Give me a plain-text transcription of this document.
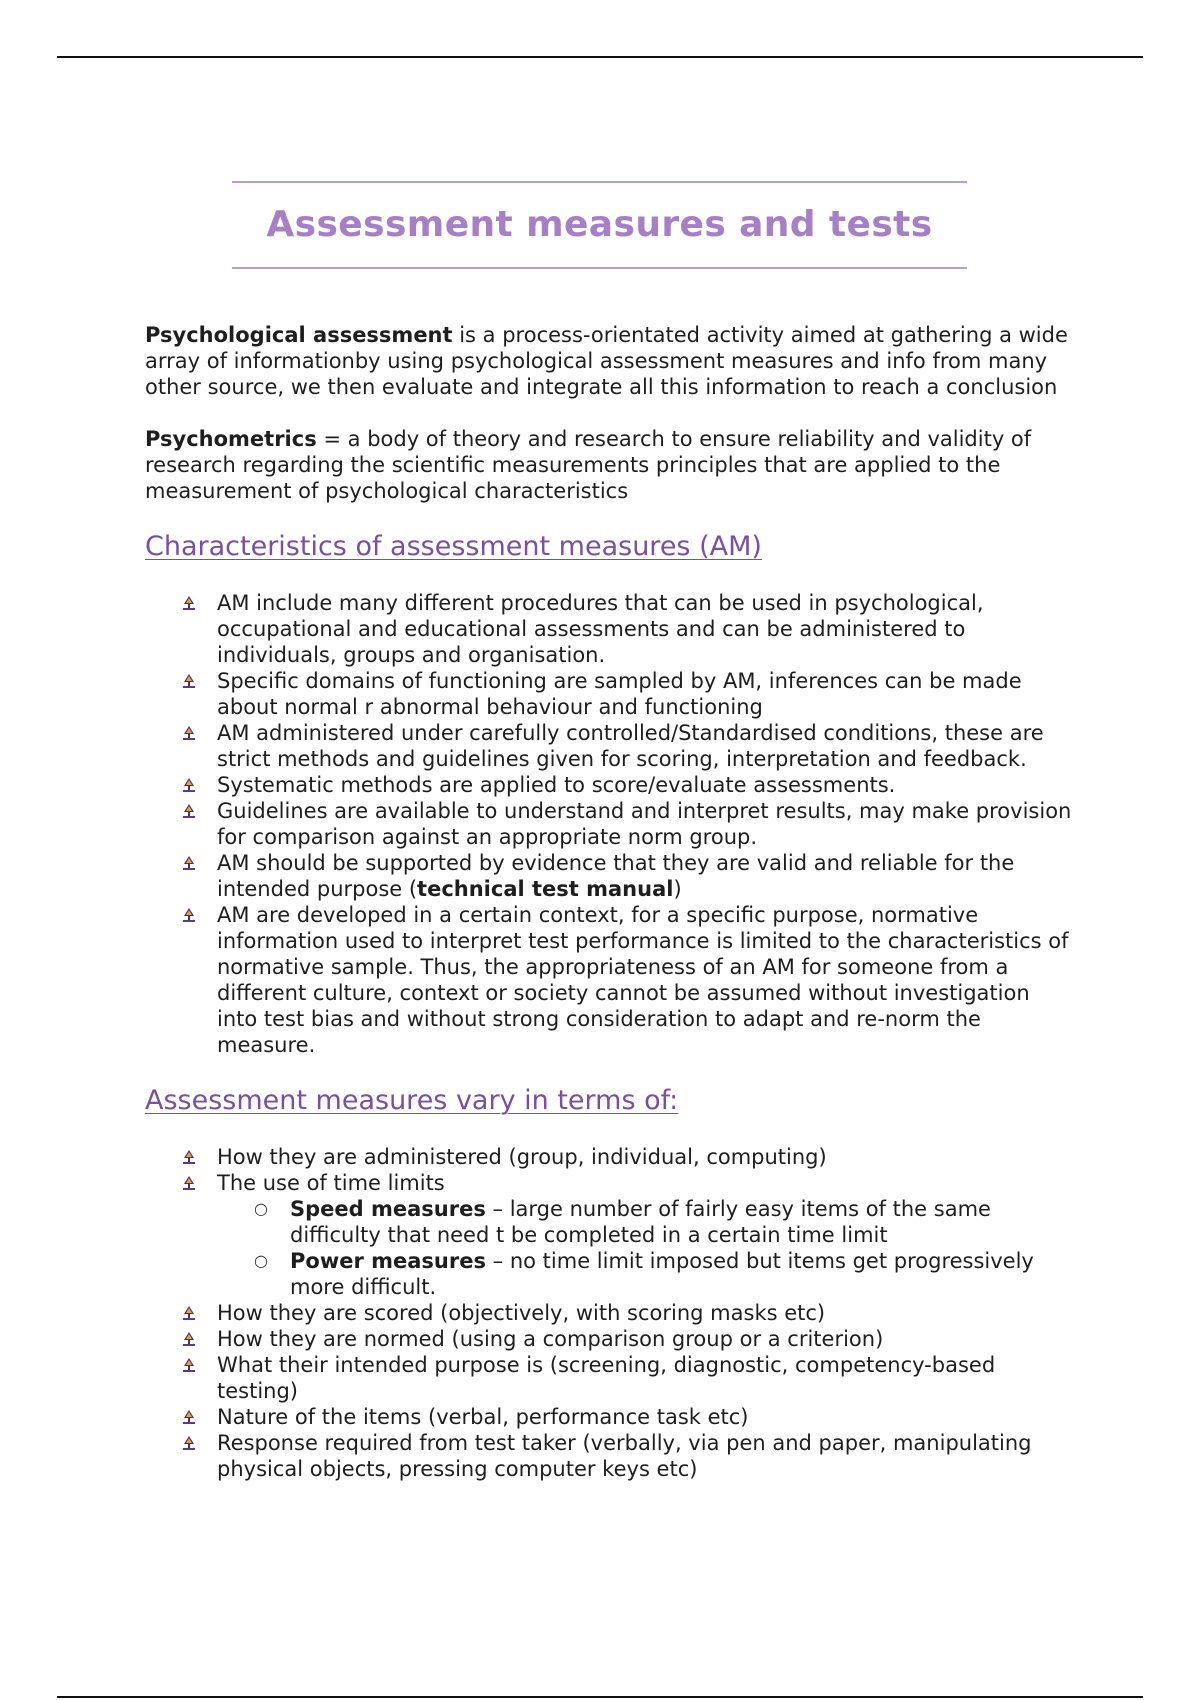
Assessment measures and tests

Psychological assessment is a process-orientated activity aimed at gathering a wide array of informationby using psychological assessment measures and info from many other source, we then evaluate and integrate all this information to reach a conclusion

Psychometrics = a body of theory and research to ensure reliability and validity of research regarding the scientific measurements principles that are applied to the measurement of psychological characteristics

Characteristics of assessment measures (AM)
AM include many different procedures that can be used in psychological, occupational and educational assessments and can be administered to individuals, groups and organisation.
Specific domains of functioning are sampled by AM, inferences can be made about normal r abnormal behaviour and functioning
AM administered under carefully controlled/Standardised conditions, these are strict methods and guidelines given for scoring, interpretation and feedback.
Systematic methods are applied to score/evaluate assessments.
Guidelines are available to understand and interpret results, may make provision for comparison against an appropriate norm group.
AM should be supported by evidence that they are valid and reliable for the intended purpose (technical test manual)
AM are developed in a certain context, for a specific purpose, normative information used to interpret test performance is limited to the characteristics of normative sample. Thus, the appropriateness of an AM for someone from a different culture, context or society cannot be assumed without investigation into test bias and without strong consideration to adapt and re-norm the measure.
Assessment measures vary in terms of:
How they are administered (group, individual, computing)
The use of time limits
○ Speed measures – large number of fairly easy items of the same difficulty that need t be completed in a certain time limit
○ Power measures – no time limit imposed but items get progressively more difficult.
How they are scored (objectively, with scoring masks etc)
How they are normed (using a comparison group or a criterion)
What their intended purpose is (screening, diagnostic, competency-based testing)
Nature of the items (verbal, performance task etc)
Response required from test taker (verbally, via pen and paper, manipulating physical objects, pressing computer keys etc)
